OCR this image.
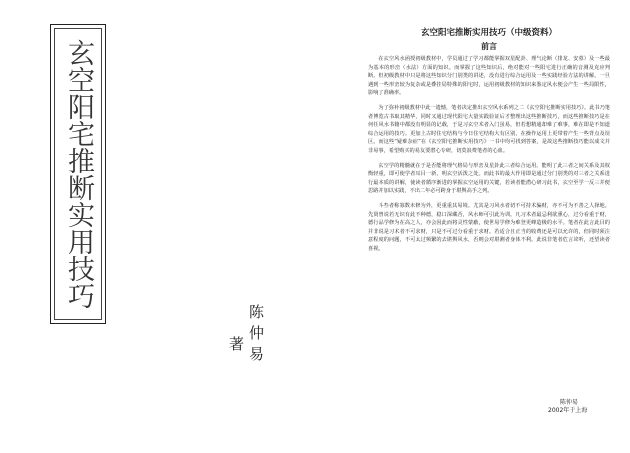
玄空阳宅推断实用技巧
陈仲易
著
玄空阳宅推断实用技巧（中级资料）
前言

在玄空风水函授初级教材中，学员通过了学习都能掌握双星配卦、理气论断（排龙、安墓）及一些最为基本的形峦（水法）方面的知识。而掌握了这些知识后，绝对能对一些阳宅进行正确的音测及克应判断。但初级教材中只是将这些知识分门别类的讲述，没有进行综合运用及一些实践经验方法的讲解。一旦遇到一些形峦较为复杂或是叠挂局特殊的阳宅时，运用初级教材的知识来鉴定风水便会产生一些局限性，影响了准确率。

为了弥补初级教材中此一遗憾，笔者决定推出玄空风水系列之二《玄空阳宅推断实用技巧》。此书乃笔者博览古书取其精华，同时又通过现代阳宅大量实践验证后才整理出这些推断技巧，而这些推断技巧是在何任风水书籍中都没有明显的记载，于是习玄空术者入门虽易，但若想精通却难了难事，难在即是不知道综合运用的技巧。更加上古时住宅结构与今日住宅结构大有区别，在操作运用上更带着产生一些背点及误区。而这些“疑难杂症”在《玄空阳宅推断实用技巧》一书中均可找到答案，是故这些推断技巧能以成文并非易事，希望购买的易友要潜心专研，切莫浪费笔者的心血。

玄空学的精髓就在于是否能将理气格局与形峦及星卦此三者综合运用。能明了此三者之间关系及其权衡轻重，即可使学者耳目一新，明玄空活泼之处。而此书的最大作用即是通过分门别类的对三者之关系进行最本质的讲解，使读者循序渐进的掌握玄空运用的关键，若读者能潜心研习此书，玄空至学一反三并便思路并加以实践，不出二年必可跨身于堪舆高手之列。

斗叁者称寡数未修为外，更重重其易境。尤其是习风水者切不可持术骗财，亦不可为不善之人择地。先贤曾说若无识有此不种德，稳口深藏否，风水师可引此为训。凡习术者最忌利欲熏心，过分看重于财，德行品学修为在高之人，亦会因此而将灵性蒙蔽，使世易学修为难登更峰造极的水平。笔者在此言此目的并非说是习术者不可求财，只是不可过分看重于求财。若适合且正当的收费还是可以允许的，但同时须注意程度的问题，不可太过频繁的去堪舆风水，否则会对堪测者身体不利。此说非笔者危言耸听，还望读者喜视。

陈仲易
2002年于上海
